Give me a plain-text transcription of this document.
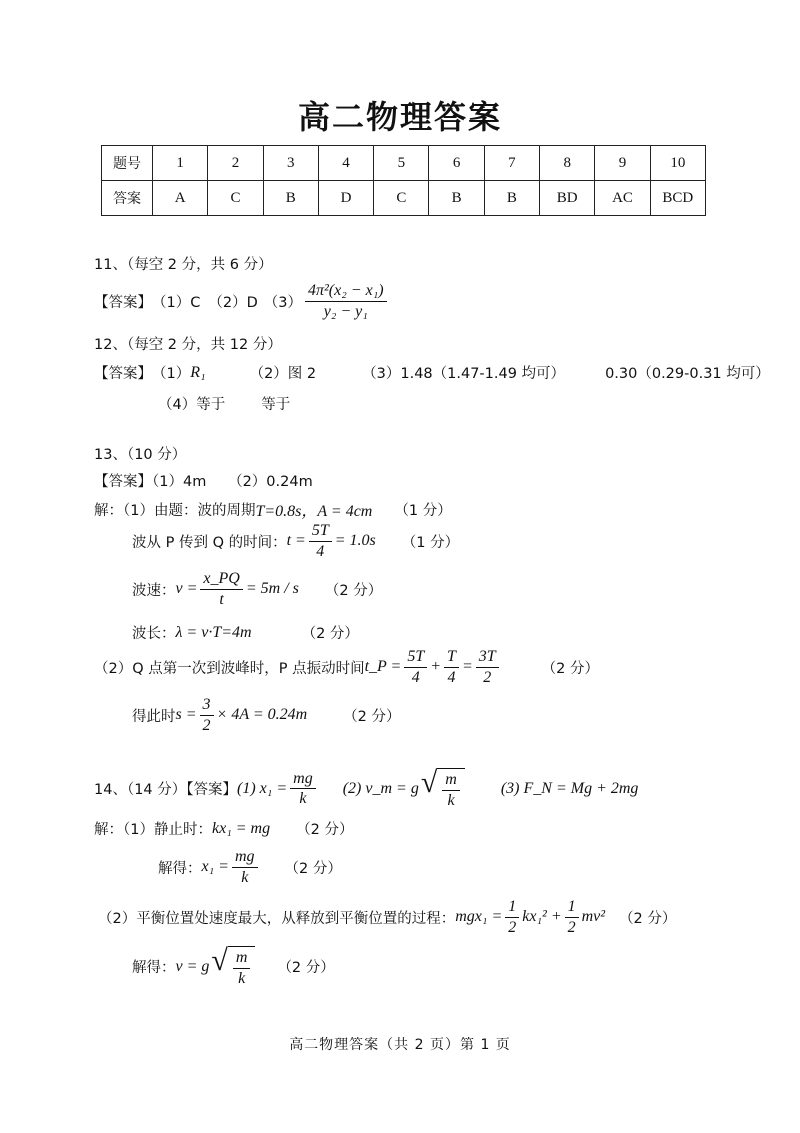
高二物理答案
题号	1	2	3	4	5	6	7	8	9	10
答案	A	C	B	D	C	B	B	BD	AC	BCD
11、（每空 2 分，共 6 分）
【答案】 （1）C （2）D $(3) \frac{\text{4π²(x₂ − x₁)}}{\text{y₂ − y₁}}$
12、（每空 2 分，共 12 分）
【答案】 （1） R₁	（2）图 2	（3）1.48（1.47-1.49 均可）	0.30（0.29-0.31 均可）
（4）等于 等于
13、（10 分）
【答案】（1）4m　　（2）0.24m
解：（1）由题：波的周期 T=0.8s，A = 4cm （1 分）
波从 P 传到 Q 的时间： $t = \frac{5T}{4} = 1.0s$ （1 分）
波速： $v = \frac{x\_PQ}{t} = 5m / s$ （2 分）
波长： λ = v·T=4m	（2 分）
（2）Q 点第一次到波峰时，P 点振动时间 t_P = $\frac{5T}{4} + \frac{T}{4} = \frac{3T}{2}$	（2 分）
得此时 $s = \frac{3}{2} \times 4A = 0.24m$ （2 分）
14、（14 分）【答案】 (1) $x_1 = \frac{mg}{k} (2)$ v_m = g √ $\frac{m}{k}$	(3) F_N = Mg + 2mg
解：（1）静止时： kx₁ = mg （2 分）
解得： $x_1 = \frac{mg}{k} (2$ 分）
（2）平衡位置处速度最大，从释放到平衡位置的过程： $mgx_1 = \frac{1}{2} kx_1^2 + \frac{1}{2} mv^2$ （2 分）
解得： v = g √ $\frac{m}{k} (2$ 分）
高二物理答案（共 2 页）第 1 页
